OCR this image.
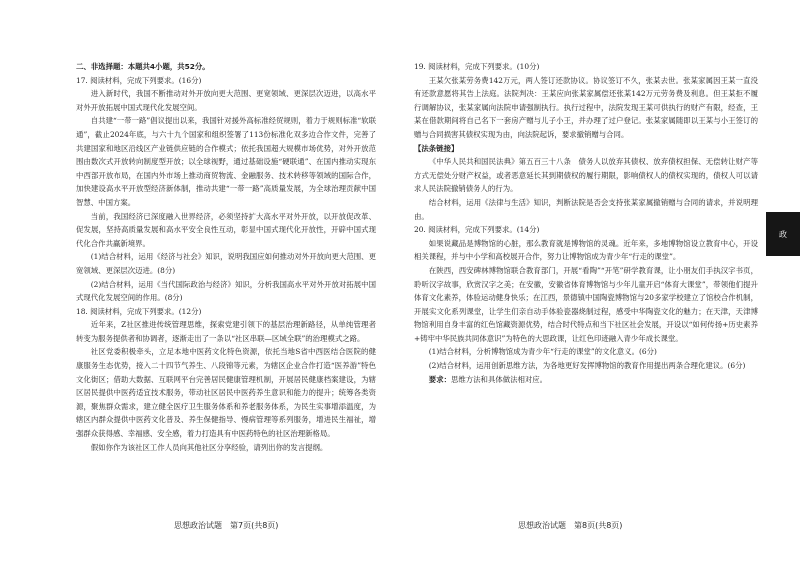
二、非选择题：本题共4小题，共52分。

17. 阅读材料，完成下列要求。(16分)

进入新时代，我国不断推动对外开放向更大范围、更宽领域、更深层次迈进，以高水平对外开放拓展中国式现代化发展空间。

自共建“一带一路”倡议提出以来，我国针对援外高标准经贸规则，着力于规则标准“软联通”，截止2024年底，与六十九个国家和组织签署了113份标准化双多边合作文件，完善了共建国家和地区沿线区产业链供应链的合作模式；依托我国超大规模市场优势，对外开放范围由数次式开放转向制度型开放；以全球视野，通过基础设施“硬联通”、在国内推动实现东中西部开放布局，在国内外市场上推动商贸物流、金融服务、技术转移等领域的国际合作，加快建设高水平开放型经济新体制，推动共建“一带一路”高质量发展，为全球治理贡献中国智慧、中国方案。

当前，我国经济已深度融入世界经济，必须坚持扩大高水平对外开放，以开放促改革、促发展，坚持高质量发展和高水平安全良性互动，彰显中国式现代化开放性，开辟中国式现代化合作共赢新境界。

(1)结合材料，运用《经济与社会》知识，说明我国应如何推动对外开放向更大范围、更宽领域、更深层次迈进。(8分)

(2)结合材料，运用《当代国际政治与经济》知识，分析我国高水平对外开放对拓展中国式现代化发展空间的作用。(8分)

18. 阅读材料，完成下列要求。(12分)

近年来，Z社区推进传统管理思维，探索党建引领下的基层治理新路径，从单纯管理者转变为服务提供者和协调者，逐渐走出了一条以“社区串联—区域全联”的治理模式之路。

社区党委积极牵头，立足本地中医药文化特色资源，依托当地S省中西医结合医院的健康服务生态优势，接入二十四节气养生、八段锦等元素，为辖区企业合作打造“医养游”特色文化街区；借助大数据、互联网平台完善居民健康管理机制，开展居民健康档案建设，为辖区居民提供中医药适宜技术服务，带动社区居民中医药养生意识和能力的提升；统筹各类资源，聚焦群众需求，建立健全医疗卫生服务体系和养老服务体系，为民生实事增添温度，为辖区内群众提供中医药文化普及、养生保健指导、慢病管理等系列服务，增进民生福祉，增强群众获得感、幸福感、安全感，着力打造具有中医药特色的社区治理新格局。

假如你作为该社区工作人员向其他社区分享经验，请列出你的发言提纲。

思想政治试题　第7页(共8页)

19. 阅读材料，完成下列要求。(10分)

王某欠张某劳务费142万元，两人签订还款协议。协议签订不久，张某去世。张某家属因王某一直没有还款意愿将其告上法庭。法院判决：王某应向张某家属偿还张某142万元劳务费及利息。但王某拒不履行调解协议，张某家属向法院申请强制执行。执行过程中，法院发现王某可供执行的财产有限，经查，王某在借款期间将自己名下一套房产赠与儿子小王，并办理了过户登记。张某家属随即以王某与小王签订的赠与合同损害其债权实现为由，向法院起诉，要求撤销赠与合同。

【法条链接】

《中华人民共和国民法典》第五百三十八条　债务人以放弃其债权、放弃债权担保、无偿转让财产等方式无偿处分财产权益，或者恶意延长其到期债权的履行期限，影响债权人的债权实现的，债权人可以请求人民法院撤销债务人的行为。

结合材料，运用《法律与生活》知识，判断法院是否会支持张某家属撤销赠与合同的请求，并说明理由。

20. 阅读材料，完成下列要求。(14分)

如果说藏品是博物馆的心脏，那么教育就是博物馆的灵魂。近年来，多地博物馆设立教育中心，开设相关课程，并与中小学和高校展开合作，努力让博物馆成为青少年“行走的课堂”。

在陕西，西安碑林博物馆联合教育部门，开展“看陶”“开笔”研学教育课，让小朋友们手执汉字书页，聆听汉字故事，欣赏汉字之美；在安徽，安徽省体育博物馆与少年儿童开启“体育大课堂”，带领他们提升体育文化素养，体验运动健身快乐；在江西，景德镇中国陶瓷博物馆与20多家学校建立了馆校合作机制，开展实文化系列课堂，让学生们亲自动手体验瓷器烧制过程，感受中华陶瓷文化的魅力；在天津，天津博物馆利用自身丰富的红色馆藏资源优势，结合时代特点和当下社区社会发展，开设以“如何传扬+历史素养+铸牢中华民族共同体意识”为特色的大思政课，让红色印迹融入青少年成长课堂。

(1)结合材料，分析博物馆成为青少年“行走的课堂”的文化意义。(6分)

(2)结合材料，运用创新思维方法，为各地更好发挥博物馆的教育作用提出两条合理化建议。(6分)

要求：思维方法和具体做法相对应。

思想政治试题　第8页(共8页)
政
